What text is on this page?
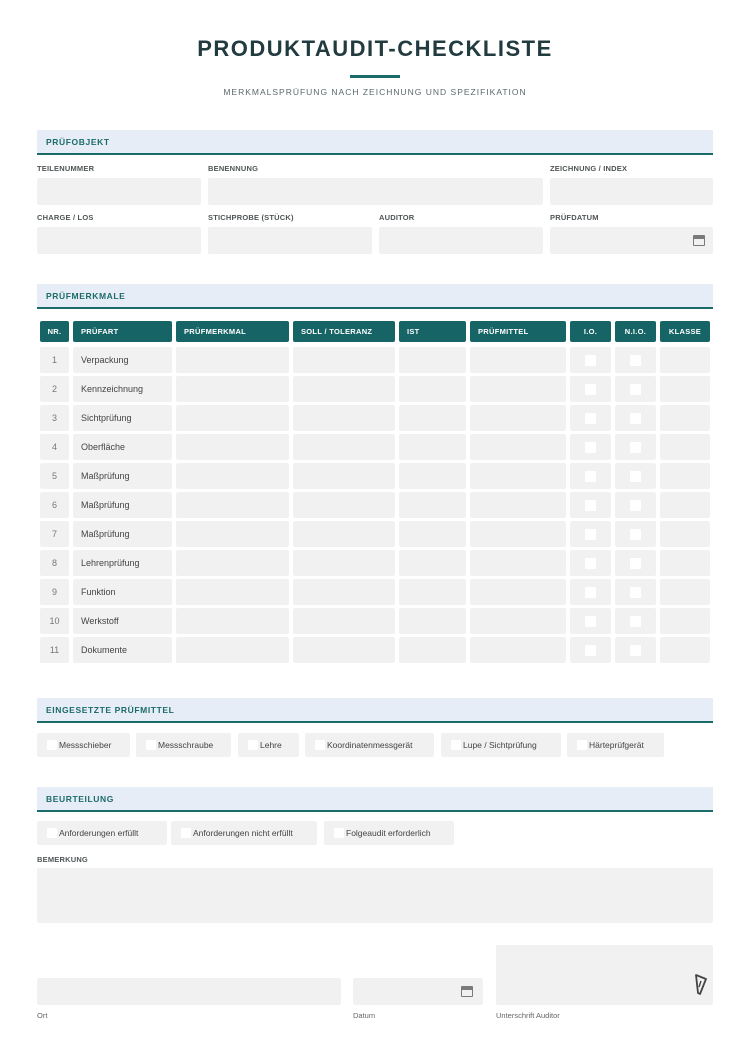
PRODUKTAUDIT-CHECKLISTE
MERKMALSPRÜFUNG NACH ZEICHNUNG UND SPEZIFIKATION
PRÜFOBJEKT
TEILENUMMER	BENENNUNG	ZEICHNUNG / INDEX
CHARGE / LOS	STICHPROBE (STÜCK)	AUDITOR	PRÜFDATUM
PRÜFMERKMALE
NR.	PRÜFART	PRÜFMERKMAL	SOLL / TOLERANZ	IST	PRÜFMITTEL	I.O.	N.I.O.	KLASSE
1	Verpackung
2	Kennzeichnung
3	Sichtprüfung
4	Oberfläche
5	Maßprüfung
6	Maßprüfung
7	Maßprüfung
8	Lehrenprüfung
9	Funktion
10	Werkstoff
11	Dokumente
EINGESETZTE PRÜFMITTEL
Messschieber	Messschraube	Lehre	Koordinatenmessgerät	Lupe / Sichtprüfung	Härteprüfgerät
BEURTEILUNG
Anforderungen erfüllt	Anforderungen nicht erfüllt	Folgeaudit erforderlich
BEMERKUNG
Ort	Datum	Unterschrift Auditor
